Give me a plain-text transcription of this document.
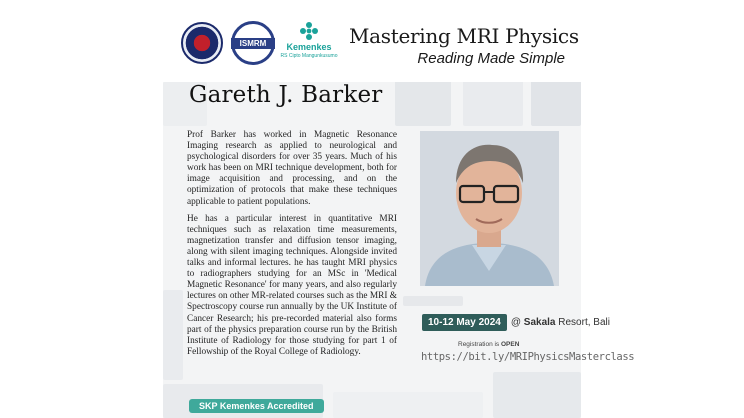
ISMRM	Kemenkes
RS Cipto Mangunkusumo
Mastering MRI Physics
Reading Made Simple
Gareth J. Barker

Prof Barker has worked in Magnetic Resonance Imaging research as applied to neurological and psychological disorders for over 35 years. Much of his work has been on MRI technique development, both for image acquisition and processing, and on the optimization of protocols that make these techniques applicable to patient populations.

He has a particular interest in quantitative MRI techniques such as relaxation time measurements, magnetization transfer and diffusion tensor imaging, along with silent imaging techniques. Alongside invited talks and informal lectures. he has taught MRI physics to radiographers studying for an MSc in 'Medical Magnetic Resonance' for many years, and also regularly lectures on other MR-related courses such as the MRI & Spectroscopy course run annually by the UK Institute of Cancer Research; his pre-recorded material also forms part of the physics preparation course run by the British Institute of Radiology for those studying for part 1 of Fellowship of the Royal College of Radiology.

10-12 May 2024	@ Sakala Resort, Bali
Registration is OPEN
https://bit.ly/MRIPhysicsMasterclass
SKP Kemenkes Accredited
